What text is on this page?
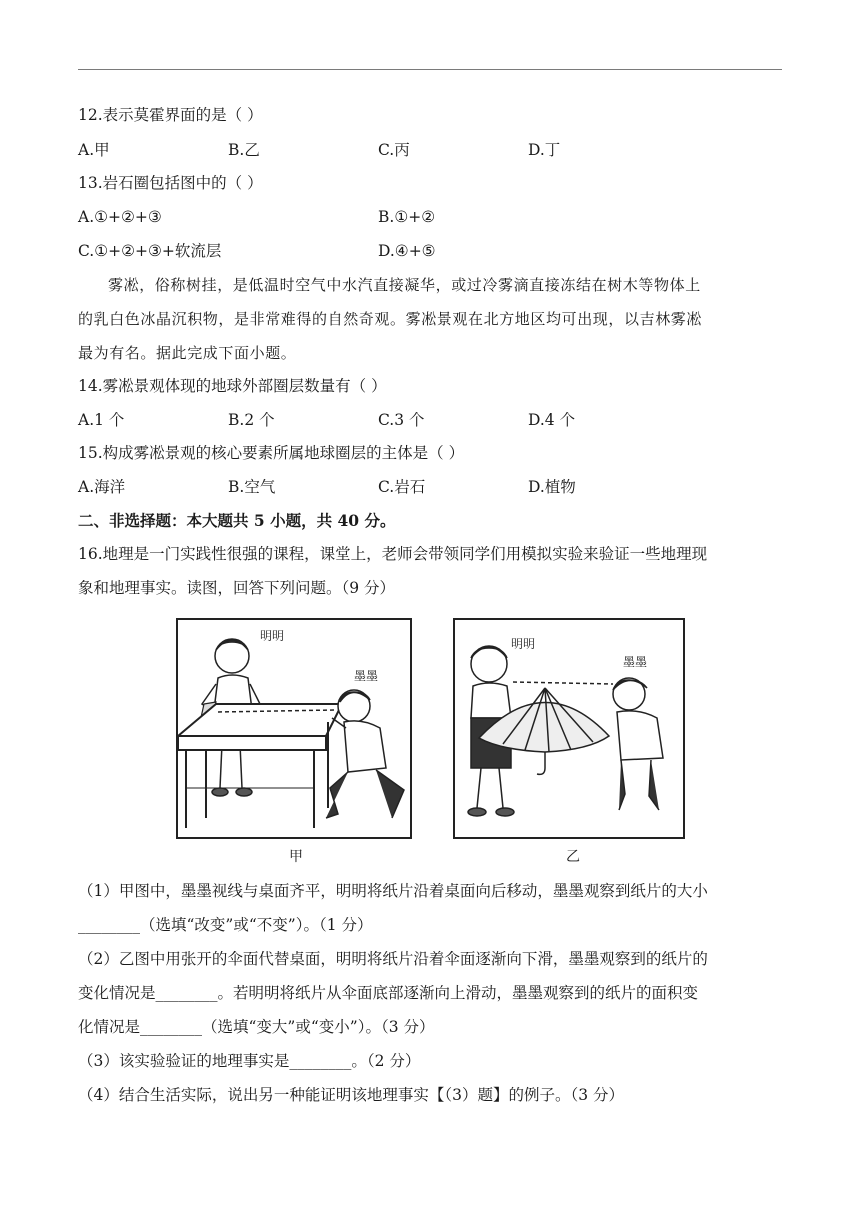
12.表示莫霍界面的是（ ）
A.甲	B.乙	C.丙	D.丁
13.岩石圈包括图中的（ ）
A.①+②+③	B.①+②
C.①+②+③+软流层	D.④+⑤
雾凇，俗称树挂，是低温时空气中水汽直接凝华，或过冷雾滴直接冻结在树木等物体上
的乳白色冰晶沉积物，是非常难得的自然奇观。雾凇景观在北方地区均可出现，以吉林雾凇
最为有名。据此完成下面小题。
14.雾凇景观体现的地球外部圈层数量有（ ）
A.1 个	B.2 个	C.3 个	D.4 个
15.构成雾凇景观的核心要素所属地球圈层的主体是（ ）
A.海洋	B.空气	C.岩石	D.植物
二、非选择题：本大题共 5 小题，共 40 分。
16.地理是一门实践性很强的课程，课堂上，老师会带领同学们用模拟实验来验证一些地理现
象和地理事实。读图，回答下列问题。（9 分）
明明
墨墨
甲
明明
墨墨
乙
（1）甲图中，墨墨视线与桌面齐平，明明将纸片沿着桌面向后移动，墨墨观察到纸片的大小
________（选填“改变”或“不变”）。（1 分）
（2）乙图中用张开的伞面代替桌面，明明将纸片沿着伞面逐渐向下滑，墨墨观察到的纸片的
变化情况是________。若明明将纸片从伞面底部逐渐向上滑动，墨墨观察到的纸片的面积变
化情况是________（选填“变大”或“变小”）。（3 分）
（3）该实验验证的地理事实是________。（2 分）
（4）结合生活实际，说出另一种能证明该地理事实【（3）题】的例子。（3 分）
